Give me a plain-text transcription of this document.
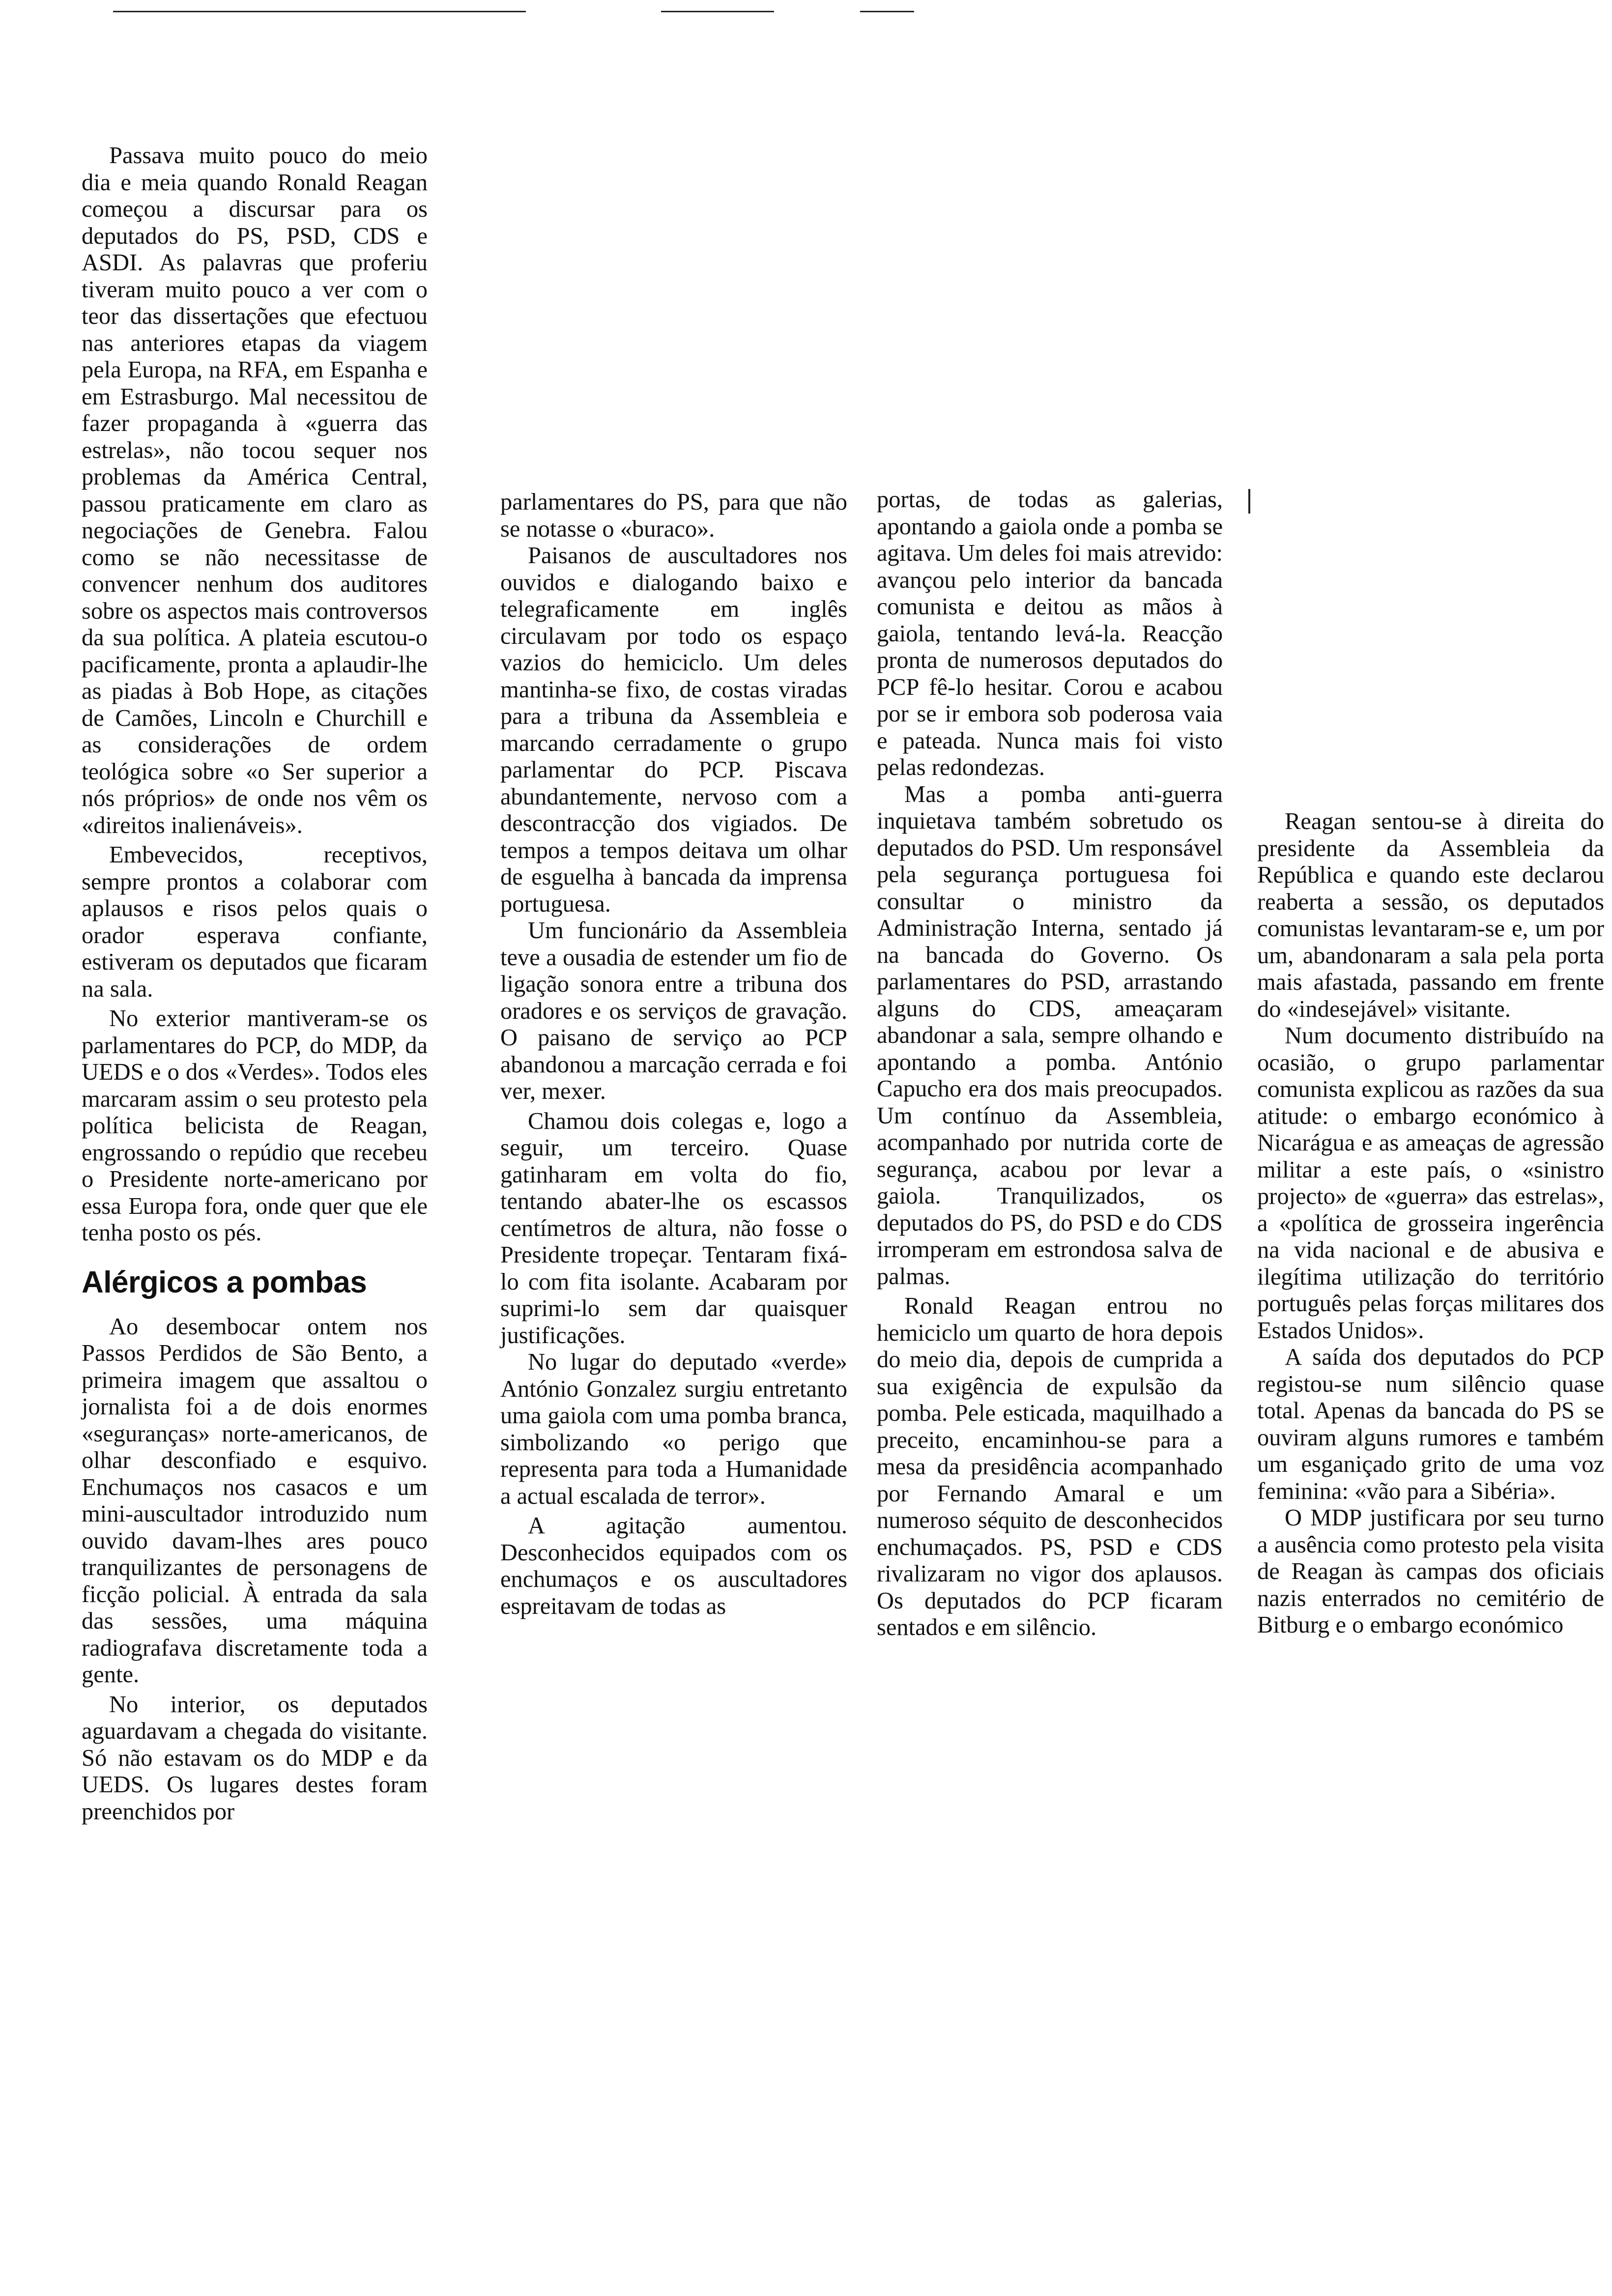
Passava muito pouco do meio dia e meia quando Ronald Reagan começou a discursar para os deputados do PS, PSD, CDS e ASDI. As palavras que proferiu tiveram muito pouco a ver com o teor das dissertações que efectuou nas anteriores etapas da viagem pela Europa, na RFA, em Espanha e em Estrasburgo. Mal necessitou de fazer propaganda à «guerra das estrelas», não tocou sequer nos problemas da América Central, passou praticamente em claro as negociações de Genebra. Falou como se não necessitasse de convencer nenhum dos auditores sobre os aspectos mais controversos da sua política. A plateia escutou-o pacificamente, pronta a aplaudir-lhe as piadas à Bob Hope, as citações de Camões, Lincoln e Churchill e as considerações de ordem teológica sobre «o Ser superior a nós próprios» de onde nos vêm os «direitos inalienáveis».

Embevecidos, receptivos, sempre prontos a colaborar com aplausos e risos pelos quais o orador esperava confiante, estiveram os deputados que ficaram na sala.

No exterior mantiveram-se os parlamentares do PCP, do MDP, da UEDS e o dos «Verdes». Todos eles marcaram assim o seu protesto pela política belicista de Reagan, engrossando o repúdio que recebeu o Presidente norte-americano por essa Europa fora, onde quer que ele tenha posto os pés.

Alérgicos a pombas

Ao desembocar ontem nos Passos Perdidos de São Bento, a primeira imagem que assaltou o jornalista foi a de dois enormes «seguranças» norte-americanos, de olhar desconfiado e esquivo. Enchumaços nos casacos e um mini-auscultador introduzido num ouvido davam-lhes ares pouco tranquilizantes de personagens de ficção policial. À entrada da sala das sessões, uma máquina radiografava discretamente toda a gente.

No interior, os deputados aguardavam a chegada do visitante. Só não estavam os do MDP e da UEDS. Os lugares destes foram preenchidos por

parlamentares do PS, para que não se notasse o «buraco».

Paisanos de auscultadores nos ouvidos e dialogando baixo e telegraficamente em inglês circulavam por todo os espaço vazios do hemiciclo. Um deles mantinha-se fixo, de costas viradas para a tribuna da Assembleia e marcando cerradamente o grupo parlamentar do PCP. Piscava abundantemente, nervoso com a descontracção dos vigiados. De tempos a tempos deitava um olhar de esguelha à bancada da imprensa portuguesa.

Um funcionário da Assembleia teve a ousadia de estender um fio de ligação sonora entre a tribuna dos oradores e os serviços de gravação. O paisano de serviço ao PCP abandonou a marcação cerrada e foi ver, mexer.

Chamou dois colegas e, logo a seguir, um terceiro. Quase gatinharam em volta do fio, tentando abater-lhe os escassos centímetros de altura, não fosse o Presidente tropeçar. Tentaram fixá-lo com fita isolante. Acabaram por suprimi-lo sem dar quaisquer justificações.

No lugar do deputado «verde» António Gonzalez surgiu entretanto uma gaiola com uma pomba branca, simbolizando «o perigo que representa para toda a Humanidade a actual escalada de terror».

A agitação aumentou. Desconhecidos equipados com os enchumaços e os auscultadores espreitavam de todas as

portas, de todas as galerias, apontando a gaiola onde a pomba se agitava. Um deles foi mais atrevido: avançou pelo interior da bancada comunista e deitou as mãos à gaiola, tentando levá-la. Reacção pronta de numerosos deputados do PCP fê-lo hesitar. Corou e acabou por se ir embora sob poderosa vaia e pateada. Nunca mais foi visto pelas redondezas.

Mas a pomba anti-guerra inquietava também sobretudo os deputados do PSD. Um responsável pela segurança portuguesa foi consultar o ministro da Administração Interna, sentado já na bancada do Governo. Os parlamentares do PSD, arrastando alguns do CDS, ameaçaram abandonar a sala, sempre olhando e apontando a pomba. António Capucho era dos mais preocupados. Um contínuo da Assembleia, acompanhado por nutrida corte de segurança, acabou por levar a gaiola. Tranquilizados, os deputados do PS, do PSD e do CDS irromperam em estrondosa salva de palmas.

Ronald Reagan entrou no hemiciclo um quarto de hora depois do meio dia, depois de cumprida a sua exigência de expulsão da pomba. Pele esticada, maquilhado a preceito, encaminhou-se para a mesa da presidência acompanhado por Fernando Amaral e um numeroso séquito de desconhecidos enchumaçados. PS, PSD e CDS rivalizaram no vigor dos aplausos. Os deputados do PCP ficaram sentados e em silêncio.

Reagan sentou-se à direita do presidente da Assembleia da República e quando este declarou reaberta a sessão, os deputados comunistas levantaram-se e, um por um, abandonaram a sala pela porta mais afastada, passando em frente do «indesejável» visitante.

Num documento distribuído na ocasião, o grupo parlamentar comunista explicou as razões da sua atitude: o embargo económico à Nicarágua e as ameaças de agressão militar a este país, o «sinistro projecto» de «guerra» das estrelas», a «política de grosseira ingerência na vida nacional e de abusiva e ilegítima utilização do território português pelas forças militares dos Estados Unidos».

A saída dos deputados do PCP registou-se num silêncio quase total. Apenas da bancada do PS se ouviram alguns rumores e também um esganiçado grito de uma voz feminina: «vão para a Sibéria».

O MDP justificara por seu turno a ausência como protesto pela visita de Reagan às campas dos oficiais nazis enterrados no cemitério de Bitburg e o embargo económico
